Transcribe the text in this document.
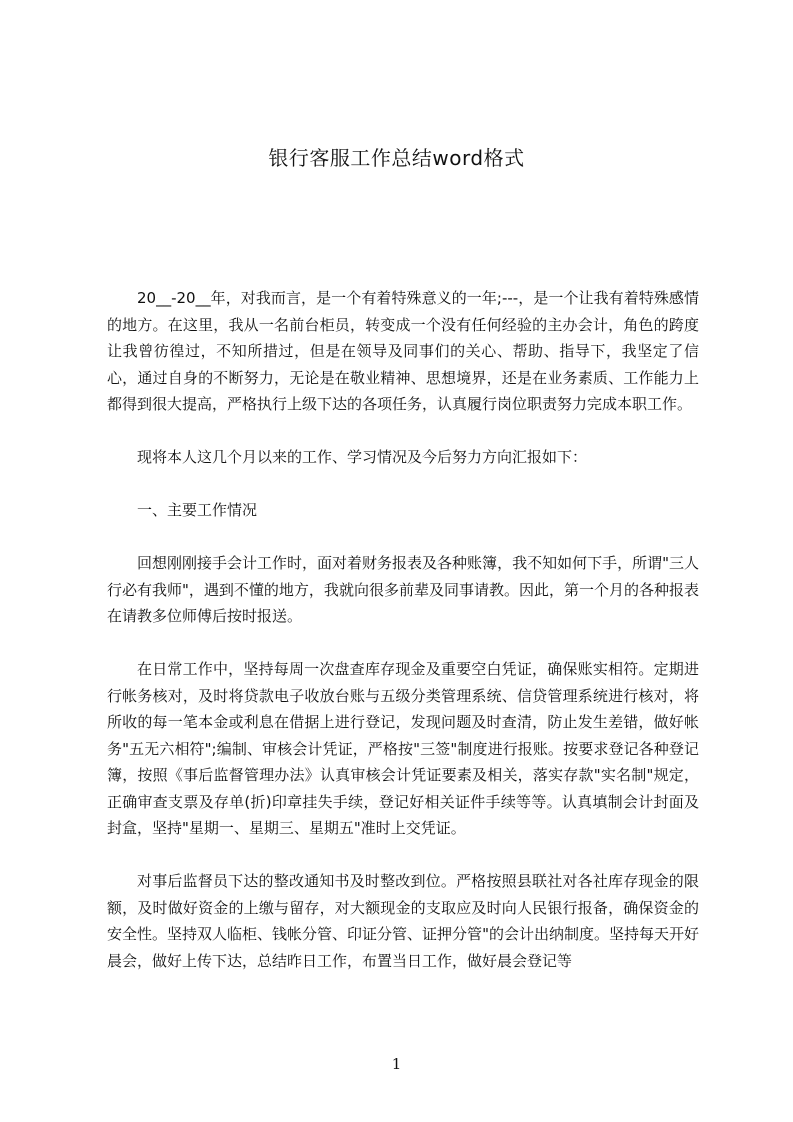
银行客服工作总结word格式

20__-20__年，对我而言，是一个有着特殊意义的一年;---，是一个让我有着特殊感情的地方。在这里，我从一名前台柜员，转变成一个没有任何经验的主办会计，角色的跨度让我曾彷徨过，不知所措过，但是在领导及同事们的关心、帮助、指导下，我坚定了信心，通过自身的不断努力，无论是在敬业精神、思想境界，还是在业务素质、工作能力上都得到很大提高，严格执行上级下达的各项任务，认真履行岗位职责努力完成本职工作。

现将本人这几个月以来的工作、学习情况及今后努力方向汇报如下：

一、主要工作情况

回想刚刚接手会计工作时，面对着财务报表及各种账簿，我不知如何下手，所谓"三人行必有我师"，遇到不懂的地方，我就向很多前辈及同事请教。因此，第一个月的各种报表在请教多位师傅后按时报送。

在日常工作中，坚持每周一次盘查库存现金及重要空白凭证，确保账实相符。定期进行帐务核对，及时将贷款电子收放台账与五级分类管理系统、信贷管理系统进行核对，将所收的每一笔本金或利息在借据上进行登记，发现问题及时查清，防止发生差错，做好帐务"五无六相符";编制、审核会计凭证，严格按"三签"制度进行报账。按要求登记各种登记簿，按照《事后监督管理办法》认真审核会计凭证要素及相关，落实存款"实名制"规定，正确审查支票及存单(折)印章挂失手续，登记好相关证件手续等等。认真填制会计封面及封盒，坚持"星期一、星期三、星期五"准时上交凭证。

对事后监督员下达的整改通知书及时整改到位。严格按照县联社对各社库存现金的限额，及时做好资金的上缴与留存，对大额现金的支取应及时向人民银行报备，确保资金的安全性。坚持双人临柜、钱帐分管、印证分管、证押分管"的会计出纳制度。坚持每天开好晨会，做好上传下达，总结昨日工作，布置当日工作，做好晨会登记等

1
